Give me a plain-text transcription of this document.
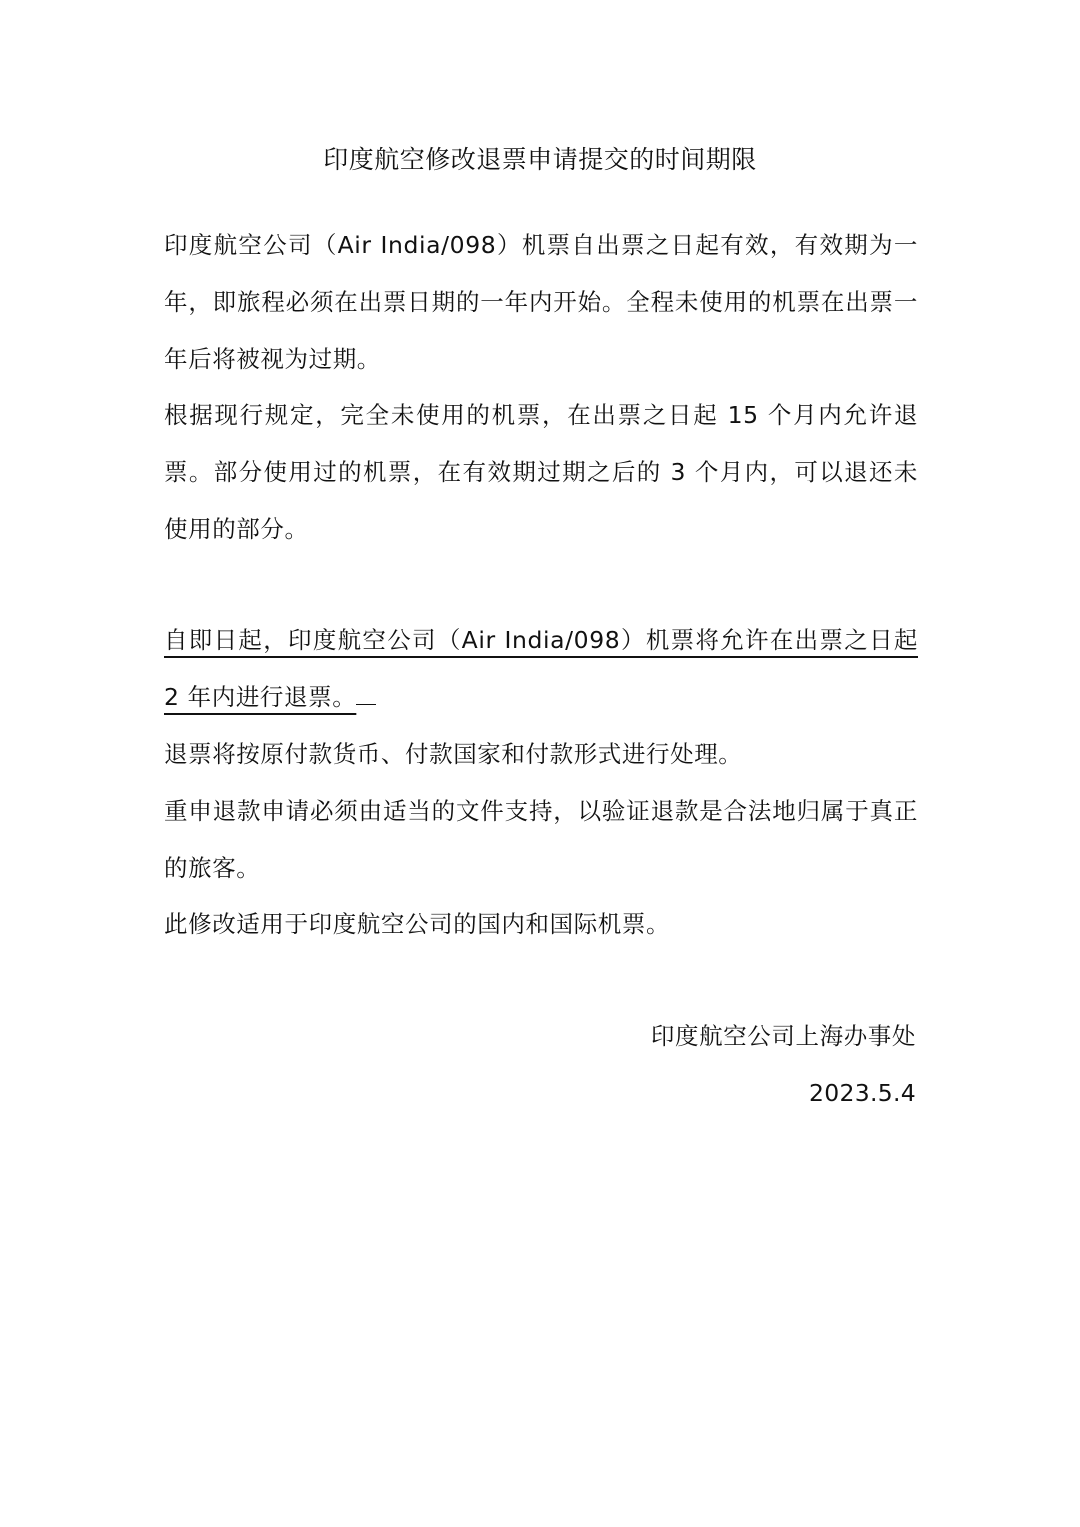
印度航空修改退票申请提交的时间期限

印度航空公司（Air India/098）机票自出票之日起有效，有效期为一年，即旅程必须在出票日期的一年内开始。全程未使用的机票在出票一年后将被视为过期。

根据现行规定，完全未使用的机票，在出票之日起 15 个月内允许退票。部分使用过的机票，在有效期过期之后的 3 个月内，可以退还未使用的部分。

自即日起，印度航空公司（Air India/098）机票将允许在出票之日起 2 年内进行退票。

退票将按原付款货币、付款国家和付款形式进行处理。

重申退款申请必须由适当的文件支持，以验证退款是合法地归属于真正的旅客。

此修改适用于印度航空公司的国内和国际机票。

印度航空公司上海办事处

2023.5.4
